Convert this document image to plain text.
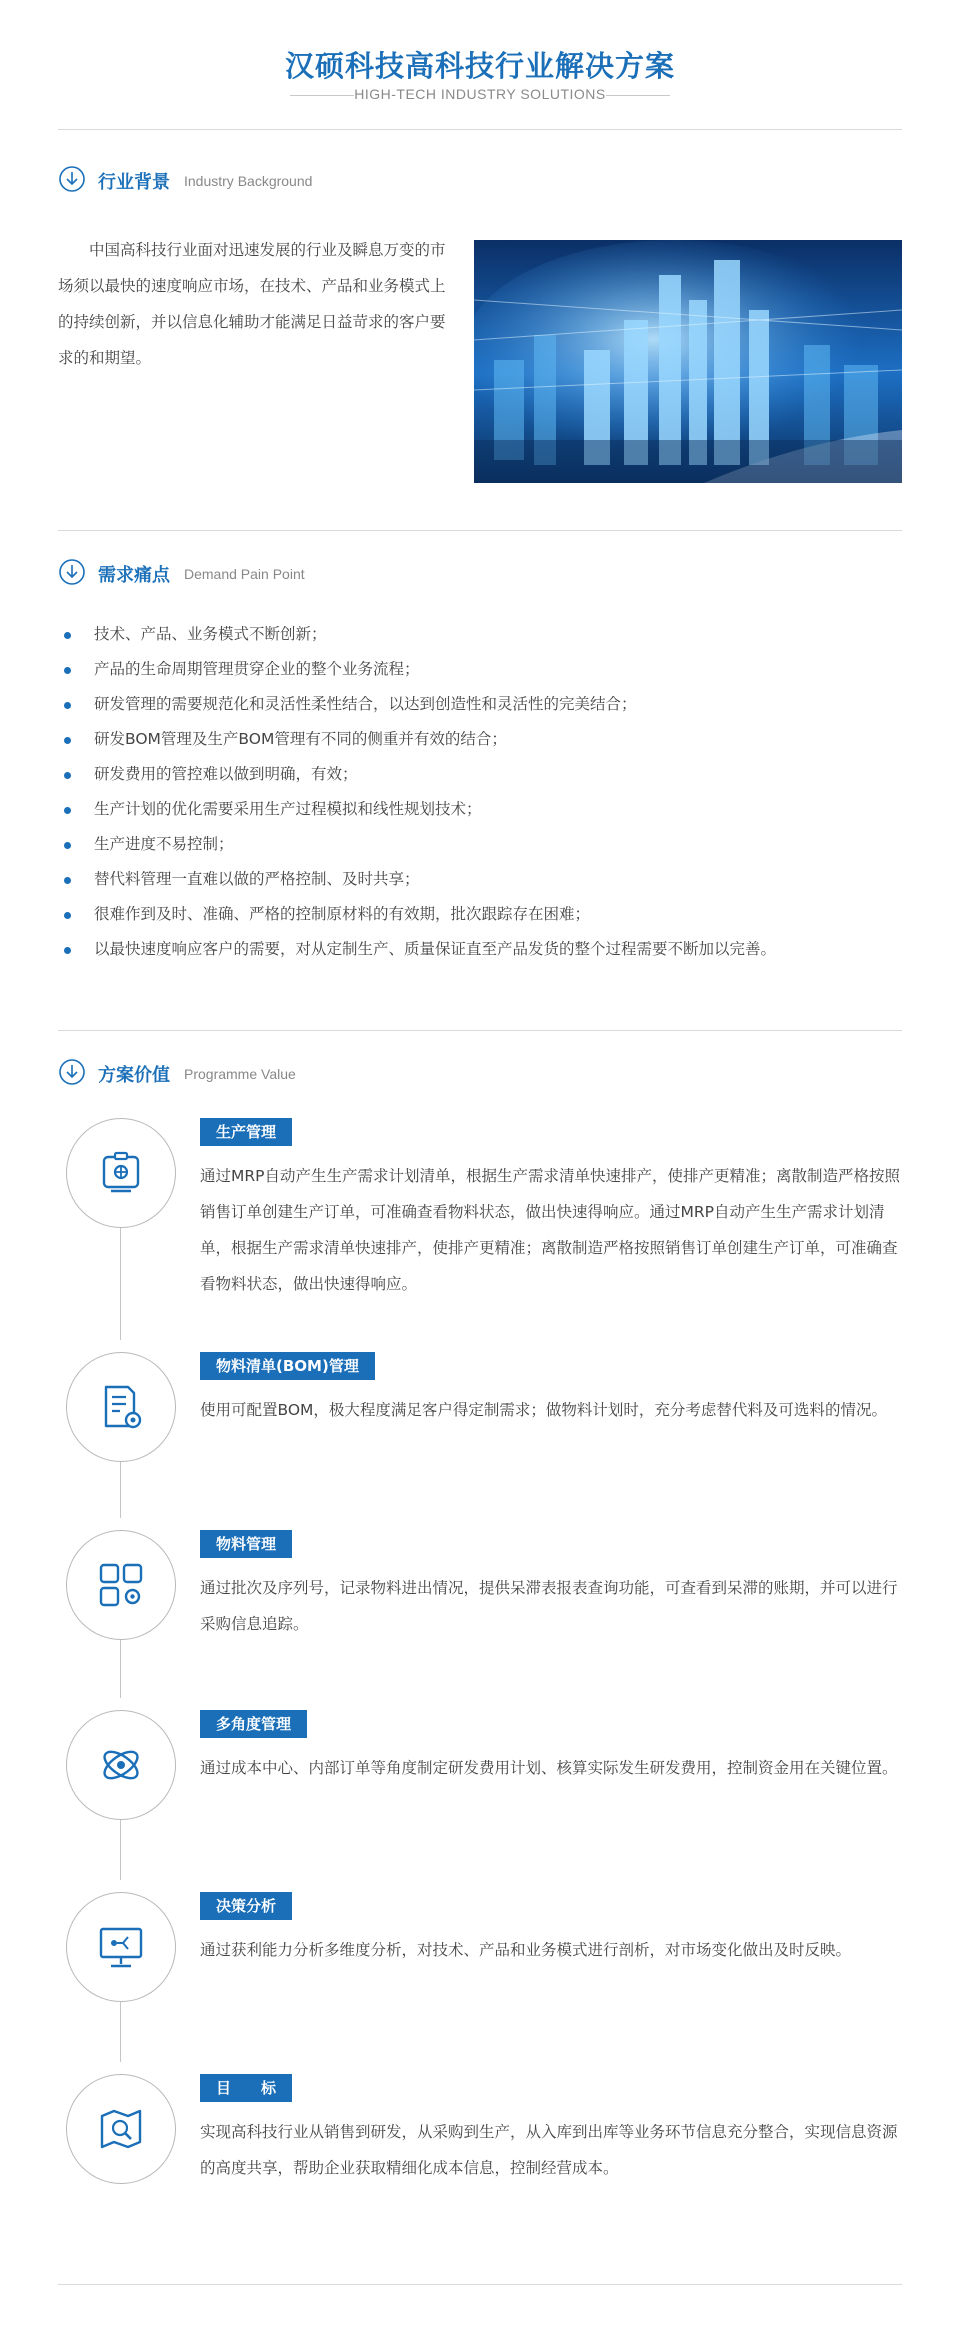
汉硕科技高科技行业解决方案
HIGH-TECH INDUSTRY SOLUTIONS
行业背景 Industry Background
中国高科技行业面对迅速发展的行业及瞬息万变的市场须以最快的速度响应市场，在技术、产品和业务模式上的持续创新，并以信息化辅助才能满足日益苛求的客户要求的和期望。
需求痛点 Demand Pain Point
技术、产品、业务模式不断创新；
产品的生命周期管理贯穿企业的整个业务流程；
研发管理的需要规范化和灵活性柔性结合，以达到创造性和灵活性的完美结合；
研发BOM管理及生产BOM管理有不同的侧重并有效的结合；
研发费用的管控难以做到明确，有效；
生产计划的优化需要采用生产过程模拟和线性规划技术；
生产进度不易控制；
替代料管理一直难以做的严格控制、及时共享；
很难作到及时、准确、严格的控制原材料的有效期，批次跟踪存在困难；
以最快速度响应客户的需要，对从定制生产、质量保证直至产品发货的整个过程需要不断加以完善。
方案价值 Programme Value
生产管理
通过MRP自动产生生产需求计划清单，根据生产需求清单快速排产，使排产更精准；离散制造严格按照销售订单创建生产订单，可准确查看物料状态，做出快速得响应。通过MRP自动产生生产需求计划清单，根据生产需求清单快速排产，使排产更精准；离散制造严格按照销售订单创建生产订单，可准确查看物料状态，做出快速得响应。
物料清单(BOM)管理
使用可配置BOM，极大程度满足客户得定制需求；做物料计划时，充分考虑替代料及可选料的情况。
物料管理
通过批次及序列号，记录物料进出情况，提供呆滞表报表查询功能，可查看到呆滞的账期，并可以进行采购信息追踪。
多角度管理
通过成本中心、内部订单等角度制定研发费用计划、核算实际发生研发费用，控制资金用在关键位置。
决策分析
通过获利能力分析多维度分析，对技术、产品和业务模式进行剖析，对市场变化做出及时反映。
目　　标
实现高科技行业从销售到研发，从采购到生产，从入库到出库等业务环节信息充分整合，实现信息资源的高度共享，帮助企业获取精细化成本信息，控制经营成本。
